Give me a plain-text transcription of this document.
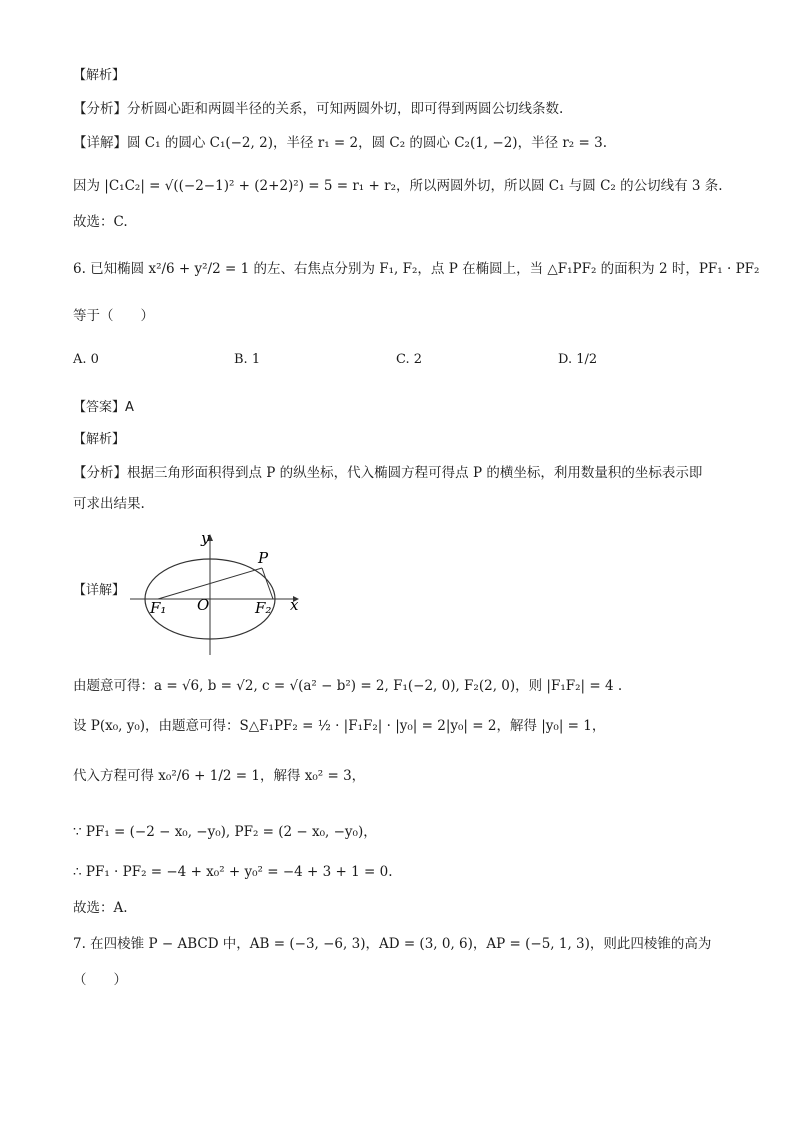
【解析】
【分析】分析圆心距和两圆半径的关系，可知两圆外切，即可得到两圆公切线条数.
【详解】圆 C₁ 的圆心 C₁(−2, 2)，半径 r₁ = 2，圆 C₂ 的圆心 C₂(1, −2)，半径 r₂ = 3.
因为 |C₁C₂| = √((−2−1)² + (2+2)²) = 5 = r₁ + r₂，所以两圆外切，所以圆 C₁ 与圆 C₂ 的公切线有 3 条.
故选：C.
6. 已知椭圆 x²/6 + y²/2 = 1 的左、右焦点分别为 F₁, F₂，点 P 在椭圆上，当 △F₁PF₂ 的面积为 2 时，PF₁ · PF₂
等于（　　）
A. 0	B. 1	C. 2	D. 1/2
【答案】A
【解析】
【分析】根据三角形面积得到点 P 的纵坐标，代入椭圆方程可得点 P 的横坐标，利用数量积的坐标表示即
可求出结果.
【详解】
y
P
F₁ O	F₂ x
由题意可得：a = √6, b = √2, c = √(a² − b²) = 2, F₁(−2, 0), F₂(2, 0)，则 |F₁F₂| = 4 .
设 P(x₀, y₀)，由题意可得：S△F₁PF₂ = ½ · |F₁F₂| · |y₀| = 2|y₀| = 2，解得 |y₀| = 1，
代入方程可得 x₀²/6 + 1/2 = 1，解得 x₀² = 3，
∵ PF₁ = (−2 − x₀, −y₀), PF₂ = (2 − x₀, −y₀)，
∴ PF₁ · PF₂ = −4 + x₀² + y₀² = −4 + 3 + 1 = 0.
故选：A.
7. 在四棱锥 P − ABCD 中，AB = (−3, −6, 3)，AD = (3, 0, 6)，AP = (−5, 1, 3)，则此四棱锥的高为
（　　）
